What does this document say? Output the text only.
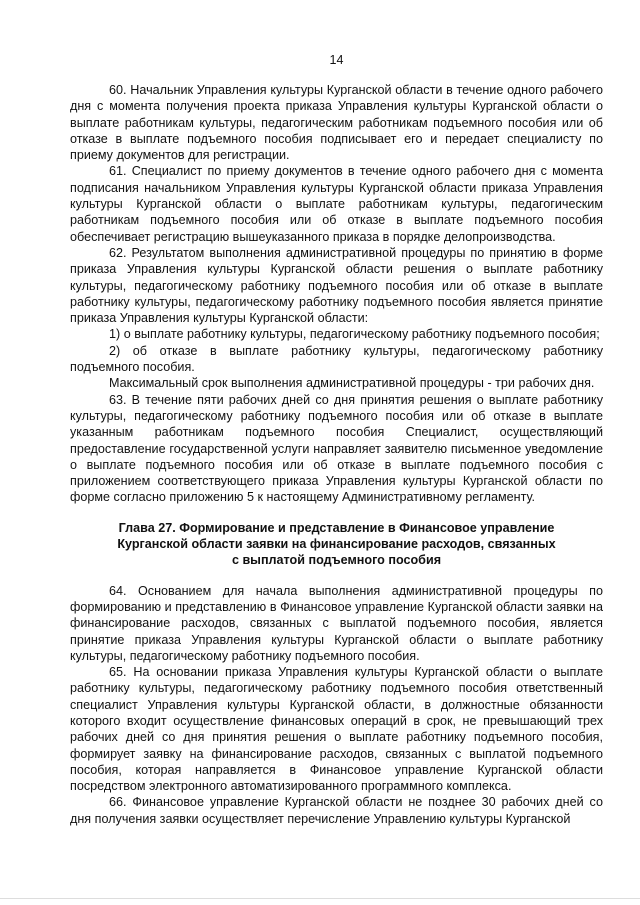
14

60. Начальник Управления культуры Курганской области в течение одного рабочего дня с момента получения проекта приказа Управления культуры Курганской области о выплате работникам культуры, педагогическим работникам подъемного пособия или об отказе в выплате подъемного пособия подписывает его и передает специалисту по приему документов для регистрации.

61. Специалист по приему документов в течение одного рабочего дня с момента подписания начальником Управления культуры Курганской области приказа Управления культуры Курганской области о выплате работникам культуры, педагогическим работникам подъемного пособия или об отказе в выплате подъемного пособия обеспечивает регистрацию вышеуказанного приказа в порядке делопроизводства.

62. Результатом выполнения административной процедуры по принятию в форме приказа Управления культуры Курганской области решения о выплате работнику культуры, педагогическому работнику подъемного пособия или об отказе в выплате работнику культуры, педагогическому работнику подъемного пособия является принятие приказа Управления культуры Курганской области:

1) о выплате работнику культуры, педагогическому работнику подъемного пособия;

2) об отказе в выплате работнику культуры, педагогическому работнику подъемного пособия.

Максимальный срок выполнения административной процедуры - три рабочих дня.

63. В течение пяти рабочих дней со дня принятия решения о выплате работнику культуры, педагогическому работнику подъемного пособия или об отказе в выплате указанным работникам подъемного пособия Специалист, осуществляющий предоставление государственной услуги направляет заявителю письменное уведомление о выплате подъемного пособия или об отказе в выплате подъемного пособия с приложением соответствующего приказа Управления культуры Курганской области по форме согласно приложению 5 к настоящему Административному регламенту.

Глава 27. Формирование и представление в Финансовое управление
Курганской области заявки на финансирование расходов, связанных
с выплатой подъемного пособия

64. Основанием для начала выполнения административной процедуры по формированию и представлению в Финансовое управление Курганской области заявки на финансирование расходов, связанных с выплатой подъемного пособия, является принятие приказа Управления культуры Курганской области о выплате работнику культуры, педагогическому работнику подъемного пособия.

65. На основании приказа Управления культуры Курганской области о выплате работнику культуры, педагогическому работнику подъемного пособия ответственный специалист Управления культуры Курганской области, в должностные обязанности которого входит осуществление финансовых операций в срок, не превышающий трех рабочих дней со дня принятия решения о выплате работнику подъемного пособия, формирует заявку на финансирование расходов, связанных с выплатой подъемного пособия, которая направляется в Финансовое управление Курганской области посредством электронного автоматизированного программного комплекса.

66. Финансовое управление Курганской области не позднее 30 рабочих дней со дня получения заявки осуществляет перечисление Управлению культуры Курганской
